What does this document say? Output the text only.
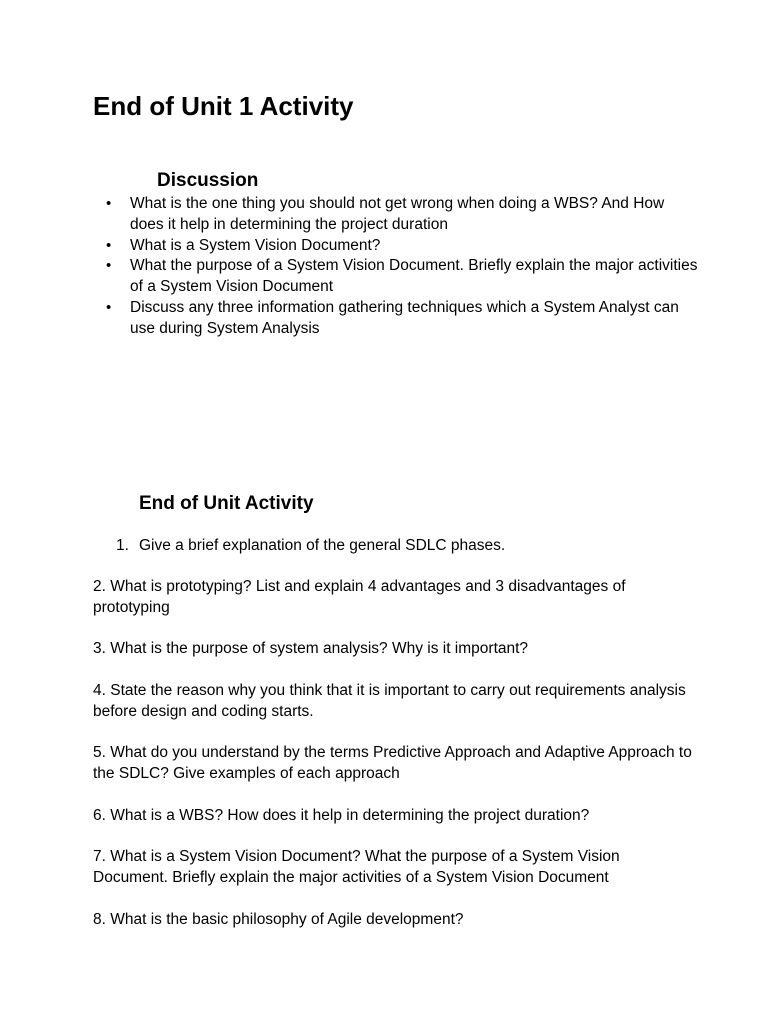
End of Unit 1 Activity
Discussion
• What is the one thing you should not get wrong when doing a WBS? And How does it help in determining the project duration
• What is a System Vision Document?
• What the purpose of a System Vision Document. Briefly explain the major activities of a System Vision Document
• Discuss any three information gathering techniques which a System Analyst can use during System Analysis
End of Unit Activity
1. Give a brief explanation of the general SDLC phases.

2. What is prototyping? List and explain 4 advantages and 3 disadvantages of prototyping

3. What is the purpose of system analysis? Why is it important?

4. State the reason why you think that it is important to carry out requirements analysis before design and coding starts.

5. What do you understand by the terms Predictive Approach and Adaptive Approach to the SDLC? Give examples of each approach

6. What is a WBS? How does it help in determining the project duration?

7. What is a System Vision Document? What the purpose of a System Vision Document. Briefly explain the major activities of a System Vision Document

8. What is the basic philosophy of Agile development?
